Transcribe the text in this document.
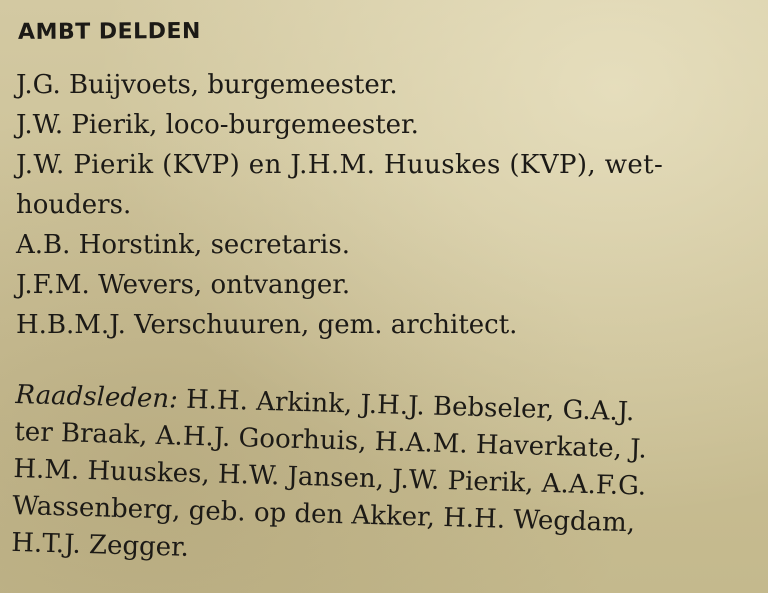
AMBT DELDEN
J.G. Buijvoets, burgemeester.
J.W. Pierik, loco-burgemeester.
J.W. Pierik (KVP) en J.H.M. Huuskes (KVP), wet-
houders.
A.B. Horstink, secretaris.
J.F.M. Wevers, ontvanger.
H.B.M.J. Verschuuren, gem. architect.
Raadsleden: H.H. Arkink, J.H.J. Bebseler, G.A.J.
ter Braak, A.H.J. Goorhuis, H.A.M. Haverkate, J.
H.M. Huuskes, H.W. Jansen, J.W. Pierik, A.A.F.G.
Wassenberg, geb. op den Akker, H.H. Wegdam,
H.T.J. Zegger.
